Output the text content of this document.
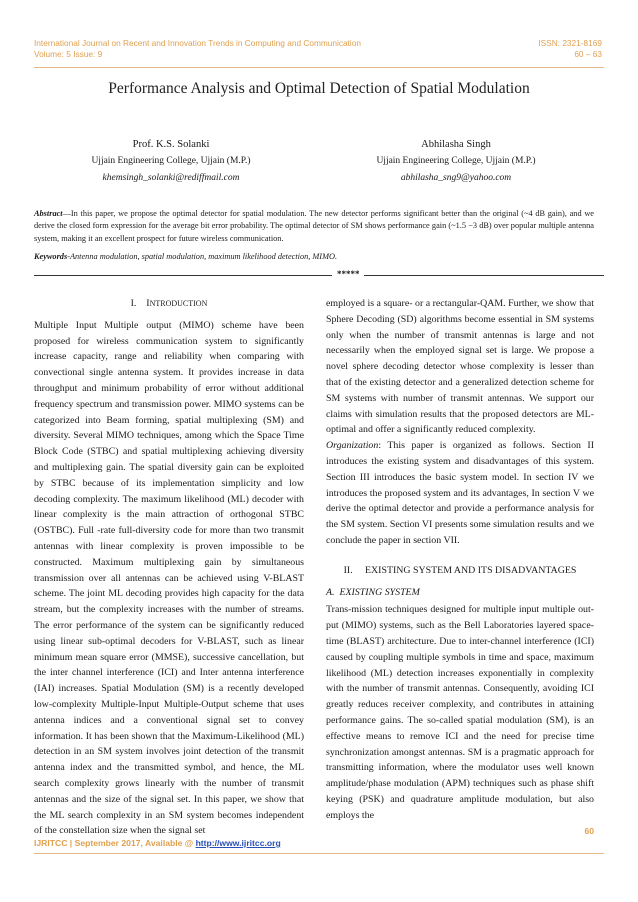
International Journal on Recent and Innovation Trends in Computing and Communication
Volume: 5 Issue: 9
ISSN: 2321-8169
60 – 63
Performance Analysis and Optimal Detection of Spatial Modulation
Prof. K.S. Solanki
Ujjain Engineering College, Ujjain (M.P.)
khemsingh_solanki@rediffmail.com
Abhilasha Singh
Ujjain Engineering College, Ujjain (M.P.)
abhilasha_sng9@yahoo.com
Abstract—In this paper, we propose the optimal detector for spatial modulation. The new detector performs significant better than the original (~4 dB gain), and we derive the closed form expression for the average bit error probability. The optimal detector of SM shows performance gain (~1.5 −3 dB) over popular multiple antenna system, making it an excellent prospect for future wireless communication.
Keywords-Antenna modulation, spatial modulation, maximum likelihood detection, MIMO.
*****
I. INTRODUCTION

Multiple Input Multiple output (MIMO) scheme have been proposed for wireless communication system to significantly increase capacity, range and reliability when comparing with convectional single antenna system. It provides increase in data throughput and minimum probability of error without additional frequency spectrum and transmission power. MIMO systems can be categorized into Beam forming, spatial multiplexing (SM) and diversity. Several MIMO techniques, among which the Space Time Block Code (STBC) and spatial multiplexing achieving diversity and multiplexing gain. The spatial diversity gain can be exploited by STBC because of its implementation simplicity and low decoding complexity. The maximum likelihood (ML) decoder with linear complexity is the main attraction of orthogonal STBC (OSTBC). Full -rate full-diversity code for more than two transmit antennas with linear complexity is proven impossible to be constructed. Maximum multiplexing gain by simultaneous transmission over all antennas can be achieved using V-BLAST scheme. The joint ML decoding provides high capacity for the data stream, but the complexity increases with the number of streams. The error performance of the system can be significantly reduced using linear sub-optimal decoders for V-BLAST, such as linear minimum mean square error (MMSE), successive cancellation, but the inter channel interference (ICI) and Inter antenna interference (IAI) increases. Spatial Modulation (SM) is a recently developed low-complexity Multiple-Input Multiple-Output scheme that uses antenna indices and a conventional signal set to convey information. It has been shown that the Maximum-Likelihood (ML) detection in an SM system involves joint detection of the transmit antenna index and the transmitted symbol, and hence, the ML search complexity grows linearly with the number of transmit antennas and the size of the signal set. In this paper, we show that the ML search complexity in an SM system becomes independent of the constellation size when the signal set

employed is a square- or a rectangular-QAM. Further, we show that Sphere Decoding (SD) algorithms become essential in SM systems only when the number of transmit antennas is large and not necessarily when the employed signal set is large. We propose a novel sphere decoding detector whose complexity is lesser than that of the existing detector and a generalized detection scheme for SM systems with number of transmit antennas. We support our claims with simulation results that the proposed detectors are ML-optimal and offer a significantly reduced complexity.

Organization: This paper is organized as follows. Section II introduces the existing system and disadvantages of this system. Section III introduces the basic system model. In section IV we introduces the proposed system and its advantages, In section V we derive the optimal detector and provide a performance analysis for the SM system. Section VI presents some simulation results and we conclude the paper in section VII.

II.     EXISTING SYSTEM AND ITS DISADVANTAGES
A.  EXISTING SYSTEM

Trans-mission techniques designed for multiple input multiple out-put (MIMO) systems, such as the Bell Laboratories layered space-time (BLAST) architecture. Due to inter-channel interference (ICI) caused by coupling multiple symbols in time and space, maximum likelihood (ML) detection increases exponentially in complexity with the number of transmit antennas. Consequently, avoiding ICI greatly reduces receiver complexity, and contributes in attaining performance gains. The so-called spatial modulation (SM), is an effective means to remove ICI and the need for precise time synchronization amongst antennas. SM is a pragmatic approach for transmitting information, where the modulator uses well known amplitude/phase modulation (APM) techniques such as phase shift keying (PSK) and quadrature amplitude modulation, but also employs the

60
IJRITCC | September 2017, Available @ http://www.ijritcc.org
